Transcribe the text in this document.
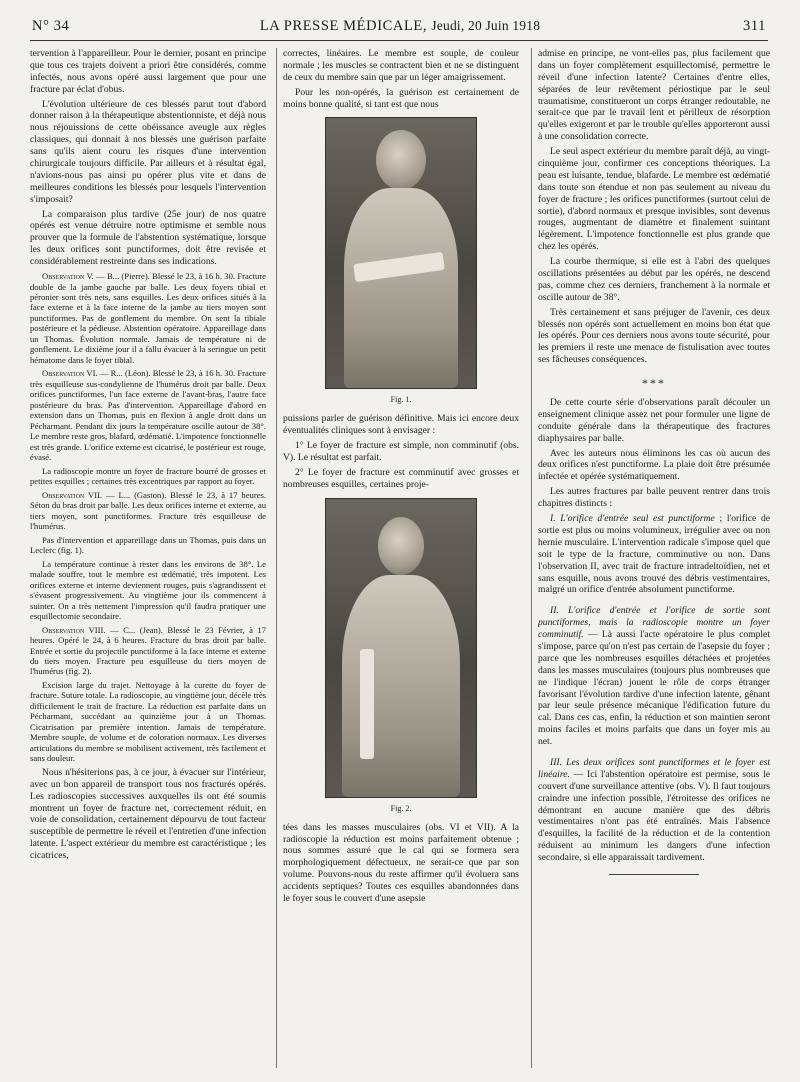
N° 34	LA PRESSE MÉDICALE, Jeudi, 20 Juin 1918	311

tervention à l'appareilleur. Pour le dernier, posant en principe que tous ces trajets doivent a priori être considérés, comme infectés, nous avons opéré aussi largement que pour une fracture par éclat d'obus.

L'évolution ultérieure de ces blessés parut tout d'abord donner raison à la thérapeutique abstentionniste, et déjà nous nous réjouissions de cette obéissance aveugle aux règles classiques, qui donnait à nos blessés une guérison parfaite sans qu'ils aient couru les risques d'une intervention chirurgicale toujours difficile. Par ailleurs et à résultat égal, n'avions-nous pas ainsi pu opérer plus vite et dans de meilleures conditions les blessés pour lesquels l'intervention s'imposait?

La comparaison plus tardive (25e jour) de nos quatre opérés est venue détruire notre optimisme et semble nous prouver que la formule de l'abstention systématique, lorsque les deux orifices sont punctiformes, doit être revisée et considérablement restreinte dans ses indications.

Observation V. — B... (Pierre). Blessé le 23, à 16 h. 30. Fracture double de la jambe gauche par balle. Les deux foyers tibial et péronier sont très nets, sans esquilles. Les deux orifices situés à la face externe et à la face interne de la jambe au tiers moyen sont punctiformes. Pas de gonflement du membre. On sent la tibiale postérieure et la pédieuse. Abstention opératoire. Appareillage dans un Thomas. Évolution normale. Jamais de température ni de gonflement. Le dixième jour il a fallu évacuer à la seringue un petit hématome dans le foyer tibial.

Observation VI. — R... (Léon). Blessé le 23, à 16 h. 30. Fracture très esquilleuse sus-condylienne de l'humérus droit par balle. Deux orifices punctiformes, l'un face externe de l'avant-bras, l'autre face postérieure du bras. Pas d'intervention. Appareillage d'abord en extension dans un Thomas, puis en flexion à angle droit dans un Pécharmant. Pendant dix jours la température oscille autour de 38°. Le membre reste gros, blafard, œdématié. L'impotence fonctionnelle est très grande. L'orifice externe est cicatrisé, le postérieur est rouge, évasé.

La radioscopie montre un foyer de fracture bourré de grosses et petites esquilles ; certaines très excentriques par rapport au foyer.

Observation VII. — L... (Gaston). Blessé le 23, à 17 heures. Séton du bras droit par balle. Les deux orifices interne et externe, au tiers moyen, sont punctiformes. Fracture très esquilleuse de l'humérus.

Pas d'intervention et appareillage dans un Thomas, puis dans un Leclerc (fig. 1).

La température continue à rester dans les environs de 38°. Le malade souffre, tout le membre est œdématié, très impotent. Les orifices externe et interne deviennent rouges, puis s'agrandissent et s'évasent progressivement. Au vingtième jour ils commencent à suinter. On a très nettement l'impression qu'il faudra pratiquer une esquillectomie secondaire.

Observation VIII. — C... (Jean). Blessé le 23 Février, à 17 heures. Opéré le 24, à 6 heures. Fracture du bras droit par balle. Entrée et sortie du projectile punctiforme à la face interne et externe du tiers moyen. Fracture peu esquilleuse du tiers moyen de l'humérus (fig. 2).

Excision large du trajet. Nettoyage à la curette du foyer de fracture. Suture totale. La radioscopie, au vingtième jour, décèle très difficilement le trait de fracture. La réduction est parfaite dans un Pécharmant, succédant au quinzième jour à un Thomas. Cicatrisation par première intention. Jamais de température. Membre souple, de volume et de coloration normaux. Les diverses articulations du membre se mobilisent activement, très facilement et sans douleur.

Nous n'hésiterions pas, à ce jour, à évacuer sur l'intérieur, avec un bon appareil de transport tous nos fracturés opérés. Les radioscopies successives auxquelles ils ont été soumis montrent un foyer de fracture net, correctement réduit, en voie de consolidation, certainement dépourvu de tout facteur susceptible de permettre le réveil et l'entretien d'une infection latente. L'aspect extérieur du membre est caractéristique ; les cicatrices,

correctes, linéaires. Le membre est souple, de couleur normale ; les muscles se contractent bien et ne se distinguent de ceux du membre sain que par un léger amaigrissement.

Pour les non-opérés, la guérison est certainement de moins bonne qualité, si tant est que nous

Fig. 1.

puissions parler de guérison définitive. Mais ici encore deux éventualités cliniques sont à envisager :

1° Le foyer de fracture est simple, non comminutif (obs. V). Le résultat est parfait.

2° Le foyer de fracture est comminutif avec grosses et nombreuses esquilles, certaines proje-

Fig. 2.

tées dans les masses musculaires (obs. VI et VII). A la radioscopie la réduction est moins parfaitement obtenue ; nous sommes assuré que le cal qui se formera sera morphologiquement défectueux, ne serait-ce que par son volume. Pouvons-nous du reste affirmer qu'il évoluera sans accidents septiques? Toutes ces esquilles abandonnées dans le foyer sous le couvert d'une asepsie

admise en principe, ne vont-elles pas, plus facilement que dans un foyer complètement esquillectomisé, permettre le réveil d'une infection latente? Certaines d'entre elles, séparées de leur revêtement périostique par le seul traumatisme, constitueront un corps étranger redoutable, ne serait-ce que par le travail lent et périlleux de résorption qu'elles exigeront et par le trouble qu'elles apporteront aussi à une consolidation correcte.

Le seul aspect extérieur du membre paraît déjà, au vingt-cinquième jour, confirmer ces conceptions théoriques. La peau est luisante, tendue, blafarde. Le membre est œdématié dans toute son étendue et non pas seulement au niveau du foyer de fracture ; les orifices punctiformes (surtout celui de sortie), d'abord normaux et presque invisibles, sont devenus rouges, augmentant de diamètre et finalement suintant légèrement. L'impotence fonctionnelle est plus grande que chez les opérés.

La courbe thermique, si elle est à l'abri des quelques oscillations présentées au début par les opérés, ne descend pas, comme chez ces derniers, franchement à la normale et oscille autour de 38°.

Très certainement et sans préjuger de l'avenir, ces deux blessés non opérés sont actuellement en moins bon état que les opérés. Pour ces derniers nous avons toute sécurité, pour les premiers il reste une menace de fistulisation avec toutes ses fâcheuses conséquences.

***

De cette courte série d'observations paraît découler un enseignement clinique assez net pour formuler une ligne de conduite générale dans la thérapeutique des fractures diaphysaires par balle.

Avec les auteurs nous éliminons les cas où aucun des deux orifices n'est punctiforme. La plaie doit être présumée infectée et opérée systématiquement.

Les autres fractures par balle peuvent rentrer dans trois chapitres distincts :

I. L'orifice d'entrée seul est punctiforme ; l'orifice de sortie est plus ou moins volumineux, irrégulier avec ou non hernie musculaire. L'intervention radicale s'impose quel que soit le type de la fracture, comminutive ou non. Dans l'observation II, avec trait de fracture intradeltoïdien, net et sans esquille, nous avons trouvé des débris vestimentaires, malgré un orifice d'entrée absolument punctiforme.

II. L'orifice d'entrée et l'orifice de sortie sont punctiformes, mais la radioscopie montre un foyer comminutif. — Là aussi l'acte opératoire le plus complet s'impose, parce qu'on n'est pas certain de l'asepsie du foyer ; parce que les nombreuses esquilles détachées et projetées dans les masses musculaires (toujours plus nombreuses que ne l'indique l'écran) jouent le rôle de corps étranger favorisant l'évolution tardive d'une infection latente, gênant par leur seule présence mécanique l'édification future du cal. Dans ces cas, enfin, la réduction et son maintien seront moins faciles et moins parfaits que dans un foyer mis au net.

III. Les deux orifices sont punctiformes et le foyer est linéaire. — Ici l'abstention opératoire est permise, sous le couvert d'une surveillance attentive (obs. V). Il faut toujours craindre une infection possible, l'étroitesse des orifices ne démontrant en aucune manière que des débris vestimentaires n'ont pas été entraînés. Mais l'absence d'esquilles, la facilité de la réduction et de la contention réduisent au minimum les dangers d'une infection secondaire, si elle apparaissait tardivement.
